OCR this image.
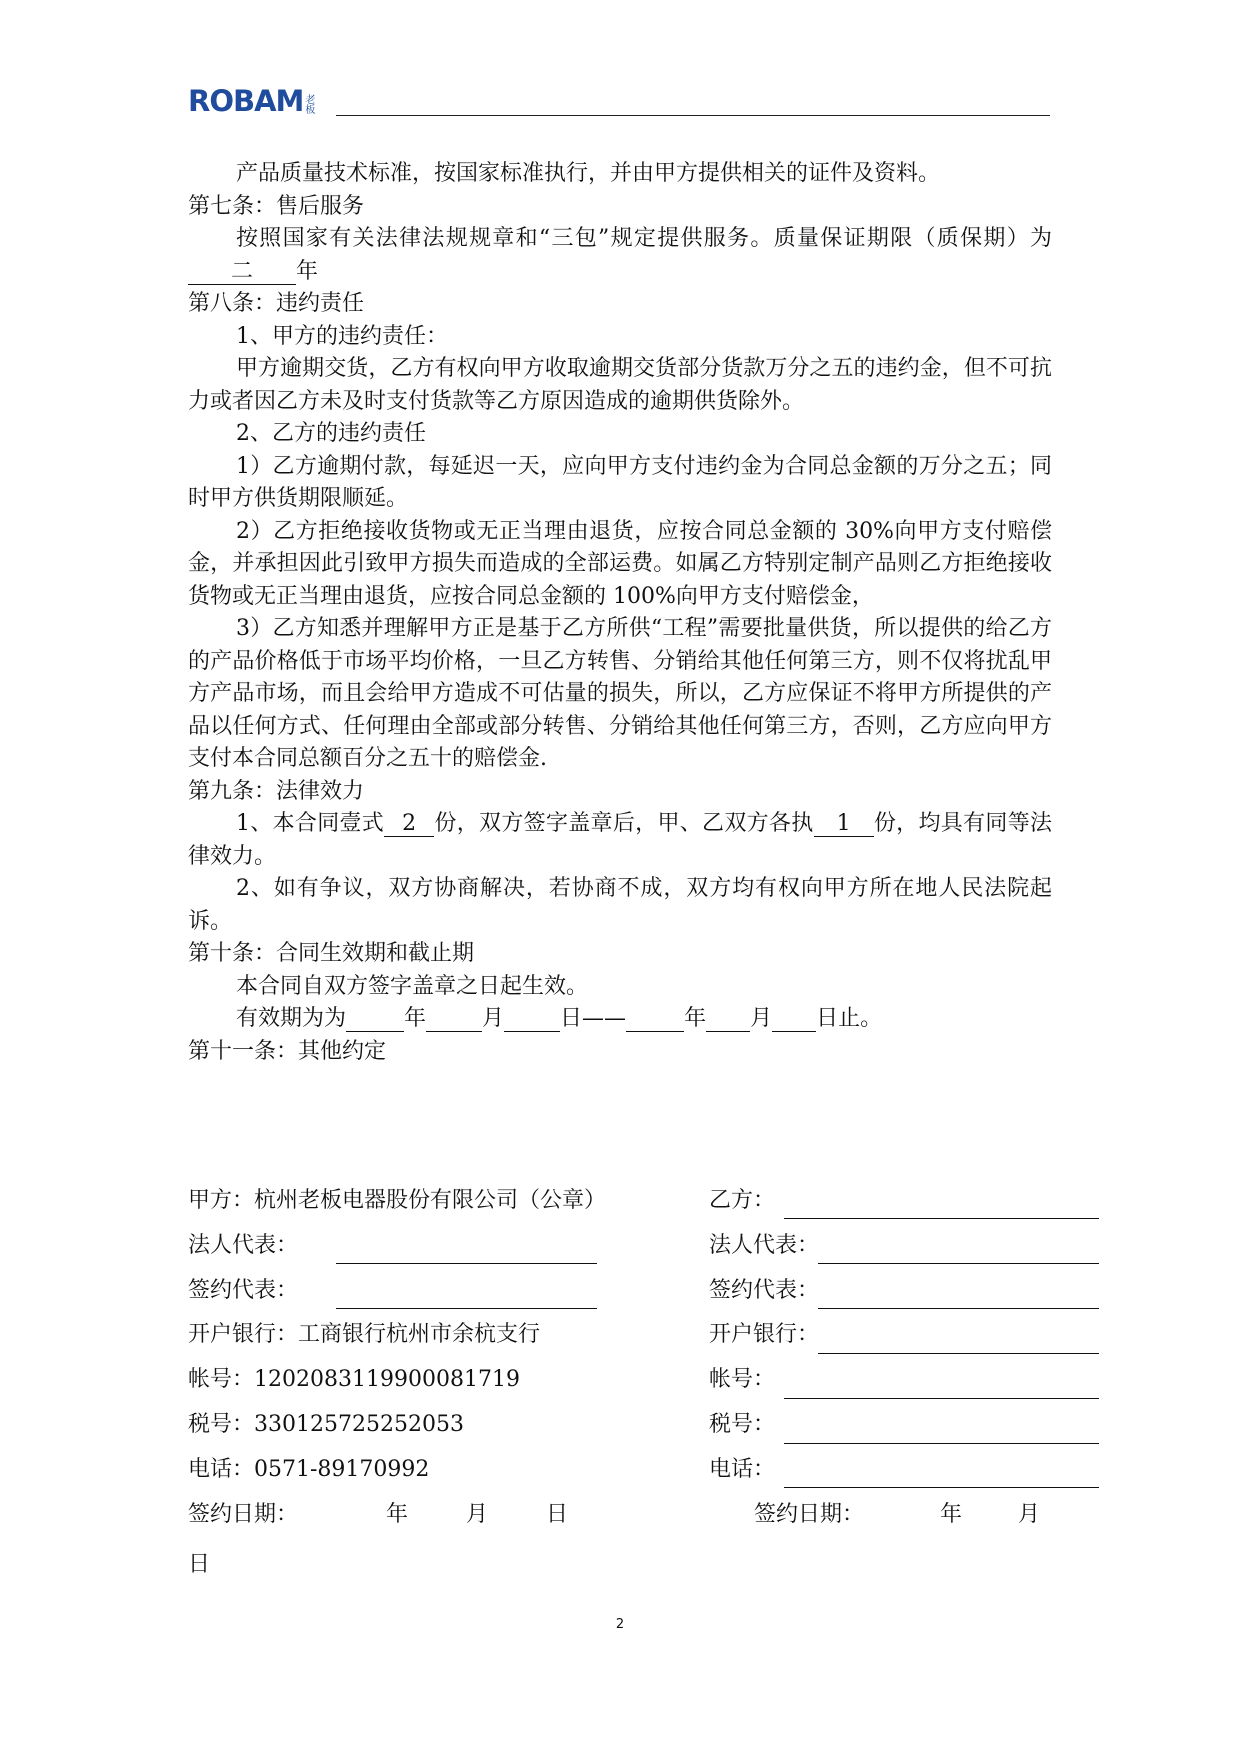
ROBAM 老板

产品质量技术标准，按国家标准执行，并由甲方提供相关的证件及资料。

第七条：售后服务

按照国家有关法律法规规章和“三包”规定提供服务。质量保证期限（质保期）为二 年

第八条：违约责任

1、甲方的违约责任：

甲方逾期交货，乙方有权向甲方收取逾期交货部分货款万分之五的违约金，但不可抗力或者因乙方未及时支付货款等乙方原因造成的逾期供货除外。

2、乙方的违约责任

1）乙方逾期付款，每延迟一天，应向甲方支付违约金为合同总金额的万分之五；同时甲方供货期限顺延。

2）乙方拒绝接收货物或无正当理由退货，应按合同总金额的 30%向甲方支付赔偿金，并承担因此引致甲方损失而造成的全部运费。如属乙方特别定制产品则乙方拒绝接收货物或无正当理由退货，应按合同总金额的 100%向甲方支付赔偿金，

3）乙方知悉并理解甲方正是基于乙方所供“工程”需要批量供货，所以提供的给乙方的产品价格低于市场平均价格，一旦乙方转售、分销给其他任何第三方，则不仅将扰乱甲方产品市场，而且会给甲方造成不可估量的损失，所以，乙方应保证不将甲方所提供的产品以任何方式、任何理由全部或部分转售、分销给其他任何第三方，否则，乙方应向甲方支付本合同总额百分之五十的赔偿金.

第九条：法律效力

1、本合同壹式 2 份，双方签字盖章后，甲、乙双方各执 1 份，均具有同等法律效力。

2、如有争议，双方协商解决，若协商不成，双方均有权向甲方所在地人民法院起诉。

第十条：合同生效期和截止期

本合同自双方签字盖章之日起生效。

有效期为为	年	月	日——	年 月 日止。

第十一条：其他约定

甲方：杭州老板电器股份有限公司（公章）
法人代表：
签约代表：
开户银行：工商银行杭州市余杭支行
帐号：1202083119900081719
税号：330125725252053
电话：0571-89170992
签约日期：	年	月	日
乙方：
法人代表：
签约代表：
开户银行：
帐号：
税号：
电话：
签约日期：	年	月
日
2
